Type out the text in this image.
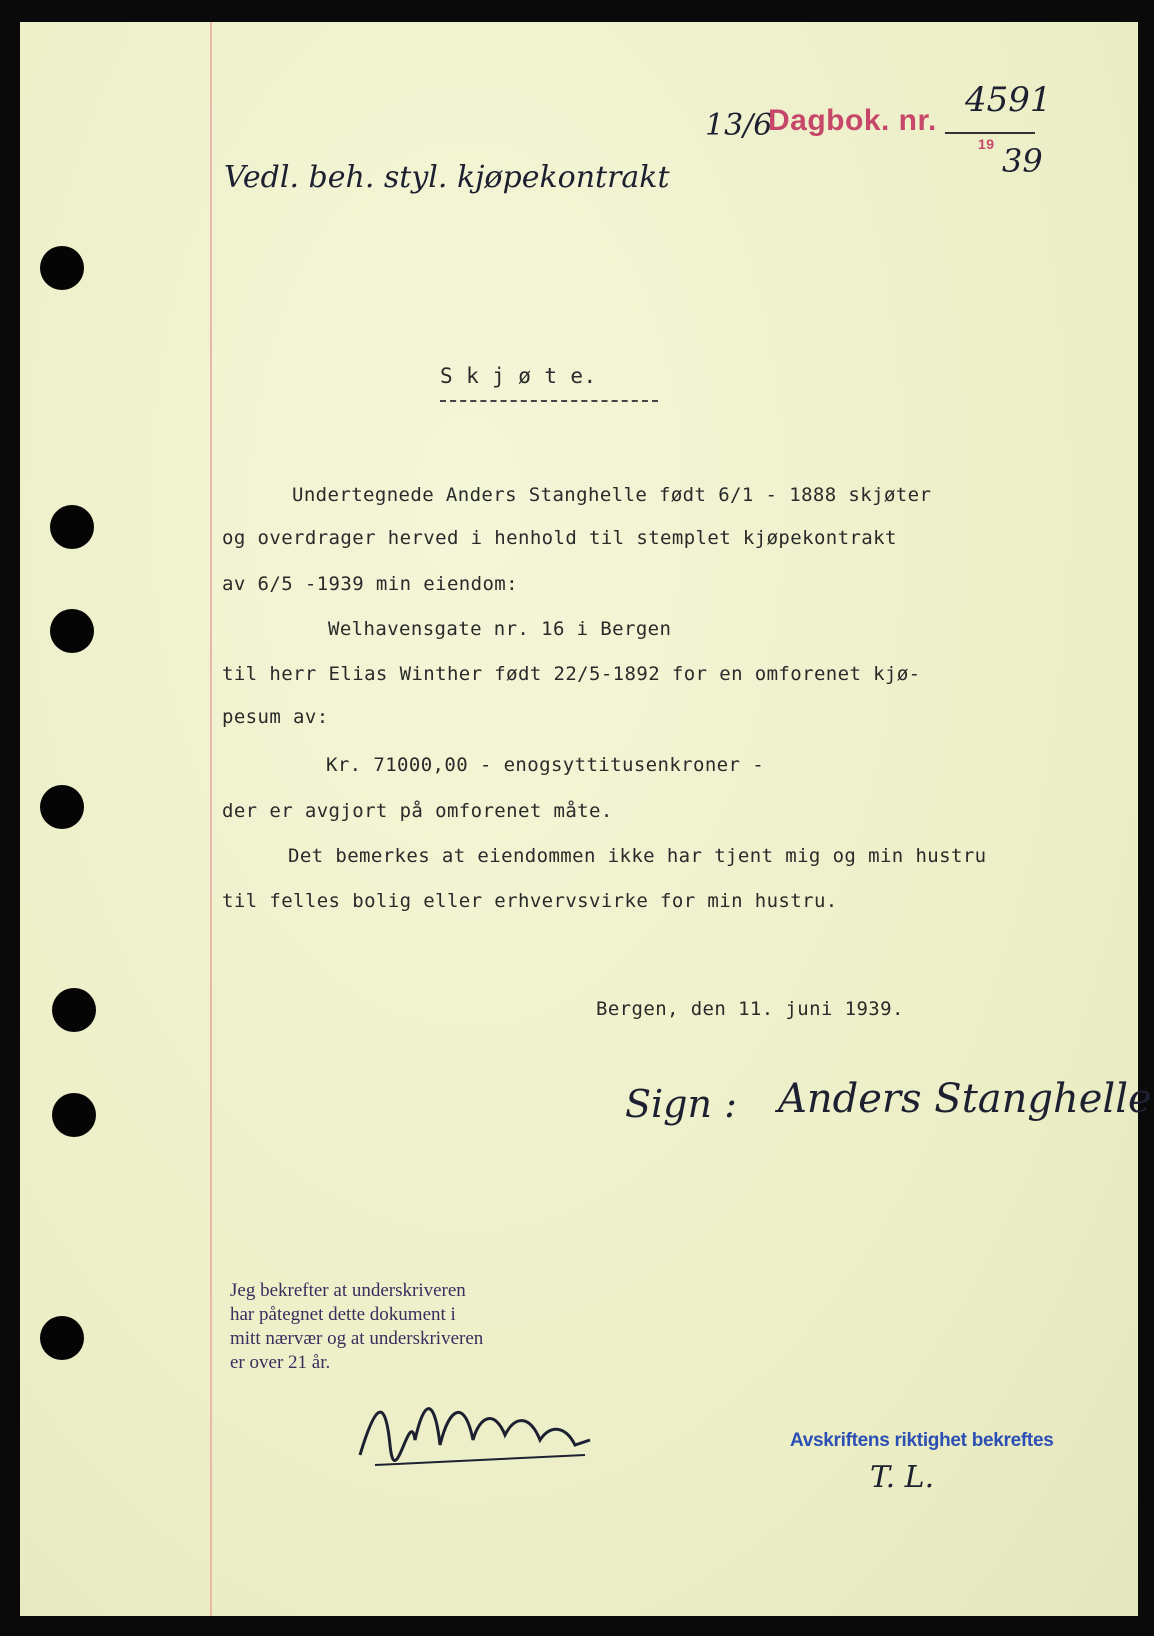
13/6
Dagbok. nr.
4591
19 39
Vedl. beh. styl. kjøpekontrakt
S k j ø t e.
Undertegnede Anders Stanghelle født 6/1 - 1888 skjøter
og overdrager herved i henhold til stemplet kjøpekontrakt
av 6/5 -1939 min eiendom:
Welhavensgate nr. 16 i Bergen
til herr Elias Winther født 22/5-1892 for en omforenet kjø-
pesum av:
Kr. 71000,00 - enogsyttitusenkroner -
der er avgjort på omforenet måte.
Det bemerkes at eiendommen ikke har tjent mig og min hustru
til felles bolig eller erhvervsvirke for min hustru.
Bergen, den 11. juni 1939.
Sign : Anders Stanghelle
Jeg bekrefter at underskriveren
har påtegnet dette dokument i
mitt nærvær og at underskriveren
er over 21 år.
Avskriftens riktighet bekreftes
T. L.
